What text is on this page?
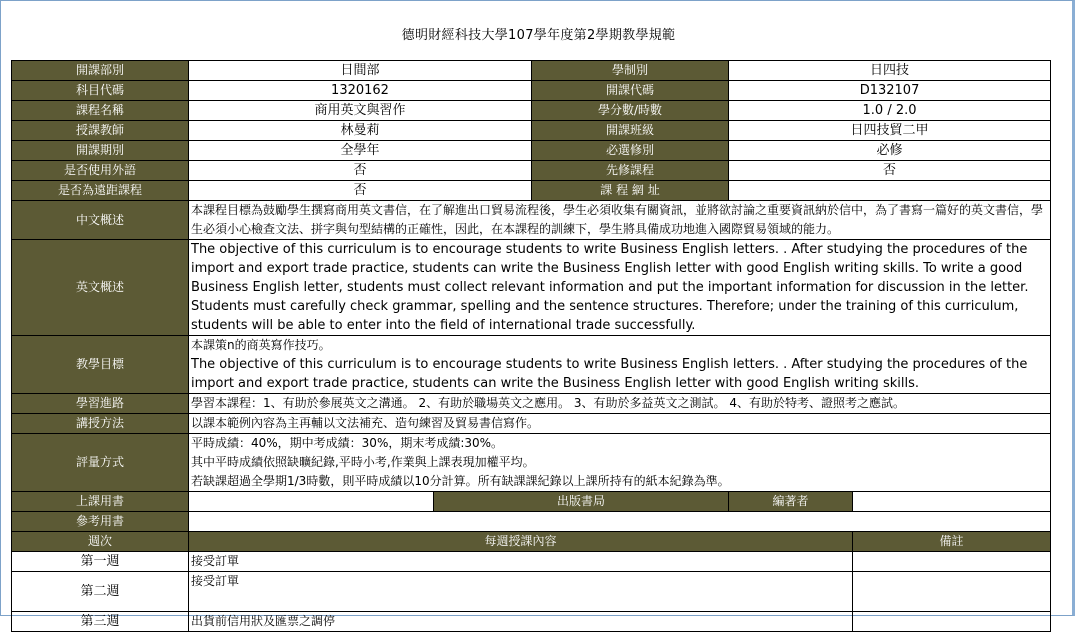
德明財經科技大學107學年度第2學期教學規範
開課部別	日間部		學制別	日四技	
科目代碼	1320162		開課代碼	D132107	
課程名稱	商用英文與習作		學分數/時數	1.0 / 2.0	
授課教師	林曼莉		開課班級	日四技貿二甲	
開課期別	全學年		必選修別	必修	
是否使用外語	否		先修課程	否	
是否為遠距課程	否		課 程 網 址		
中文概述	本課程目標為鼓勵學生撰寫商用英文書信，在了解進出口貿易流程後，學生必須收集有關資訊，並將欲討論之重要資訊納於信中，為了書寫一篇好的英文書信，學生必須小心檢查文法、拼字與句型結構的正確性，因此，在本課程的訓練下，學生將具備成功地進入國際貿易領域的能力。				
英文概述	The objective of this curriculum is to encourage students to write Business English letters. . After studying the procedures of the import and export trade practice, students can write the Business English letter with good English writing skills. To write a good Business English letter, students must collect relevant information and put the important information for discussion in the letter. Students must carefully check grammar, spelling and the sentence structures. Therefore; under the training of this curriculum, students will be able to enter into the field of international trade successfully.				
教學目標	本課策n的商英寫作技巧。
The objective of this curriculum is to encourage students to write Business English letters. . After studying the procedures of the import and export trade practice, students can write the Business English letter with good English writing skills.				

學習進路	學習本課程：1、有助於參展英文之溝通。 2、有助於職場英文之應用。 3、有助於多益英文之測試。 4、有助於特考、證照考之應試。				
講授方法	以課本範例內容為主再輔以文法補充、造句練習及貿易書信寫作。				
評量方式	平時成績：40%，期中考成績：30%，期末考成績:30%。
其中平時成績依照缺曠紀錄,平時小考,作業與上課表現加權平均。
若缺課超過全學期1/3時數，則平時成績以10分計算。所有缺課課紀錄以上課所持有的紙本紀錄為準。				
上課用書		出版書局		編著者	
參考用書					
週次	每週授課內容				備註
第一週	接受訂單				
第二週	接受訂單				
第三週	出貨前信用狀及匯票之調停				
